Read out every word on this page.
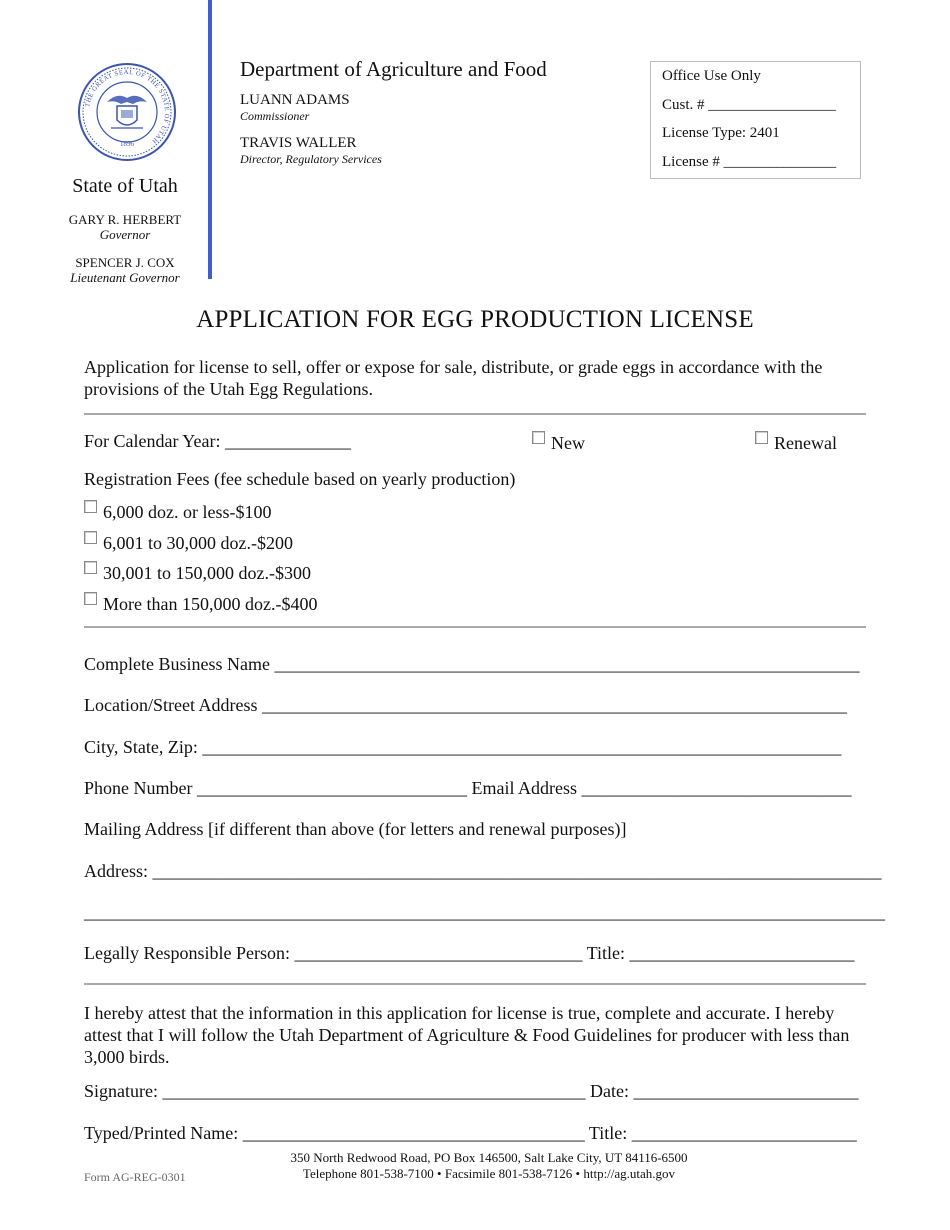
THE GREAT SEAL OF THE STATE OF UTAH
1896
State of Utah
GARY R. HERBERT
Governor
SPENCER J. COX
Lieutenant Governor
Department of Agriculture and Food
LUANN ADAMS
Commissioner
TRAVIS WALLER
Director, Regulatory Services
Office Use Only
Cust. # _________________
License Type: 2401
License # _______________
APPLICATION FOR EGG PRODUCTION LICENSE
Application for license to sell, offer or expose for sale, distribute, or grade eggs in accordance with the provisions of the Utah Egg Regulations.
For Calendar Year: ______________	New	Renewal
Registration Fees (fee schedule based on yearly production)
6,000 doz. or less-$100
6,001 to 30,000 doz.-$200
30,001 to 150,000 doz.-$300
More than 150,000 doz.-$400
Complete Business Name _________________________________________________________________
Location/Street Address _________________________________________________________________
City, State, Zip: _______________________________________________________________________
Phone Number ______________________________ Email Address ______________________________
Mailing Address [if different than above (for letters and renewal purposes)]
Address: _________________________________________________________________________________
_________________________________________________________________________________________
Legally Responsible Person: ________________________________ Title: _________________________
I hereby attest that the information in this application for license is true, complete and accurate. I hereby attest that I will follow the Utah Department of Agriculture & Food Guidelines for producer with less than 3,000 birds.
Signature: _______________________________________________ Date: _________________________
Typed/Printed Name: ______________________________________ Title: _________________________
350 North Redwood Road, PO Box 146500, Salt Lake City, UT 84116-6500
Telephone 801-538-7100 • Facsimile 801-538-7126 • http://ag.utah.gov
Form AG-REG-0301
